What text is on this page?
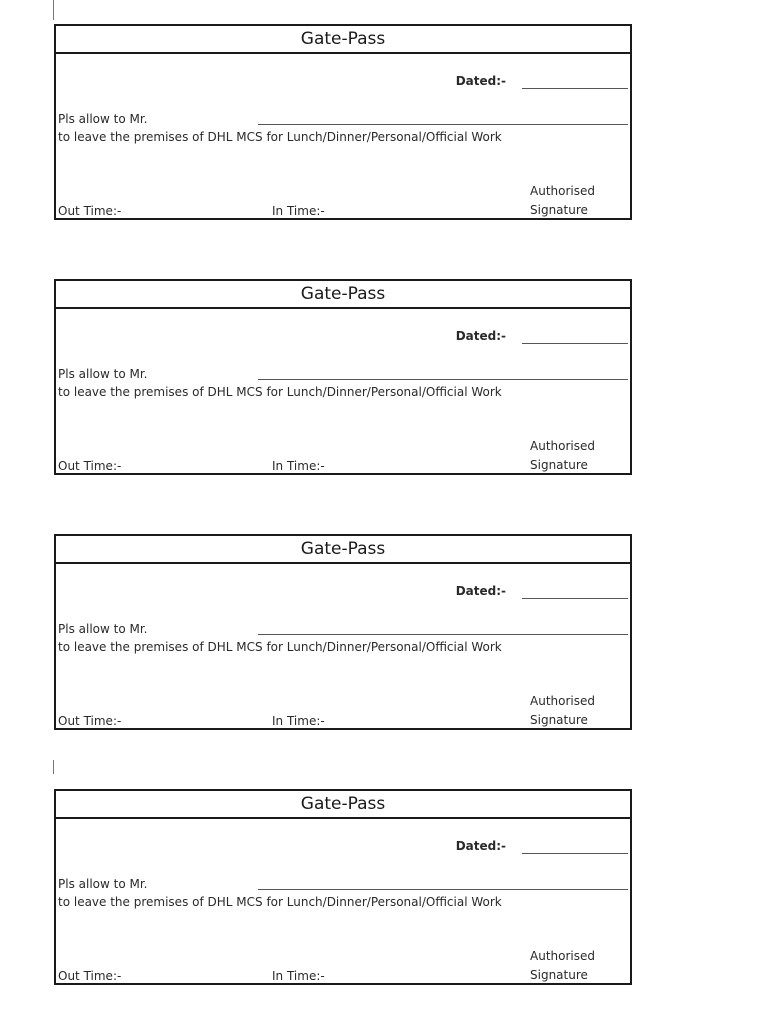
Gate-Pass
Dated:-
Pls allow to Mr.
to leave the premises of DHL MCS for Lunch/Dinner/Personal/Official Work
Authorised
Signature
Out Time:-	In Time:-
Gate-Pass
Dated:-
Pls allow to Mr.
to leave the premises of DHL MCS for Lunch/Dinner/Personal/Official Work
Authorised
Signature
Out Time:-	In Time:-
Gate-Pass
Dated:-
Pls allow to Mr.
to leave the premises of DHL MCS for Lunch/Dinner/Personal/Official Work
Authorised
Signature
Out Time:-	In Time:-
Gate-Pass
Dated:-
Pls allow to Mr.
to leave the premises of DHL MCS for Lunch/Dinner/Personal/Official Work
Authorised
Signature
Out Time:-	In Time:-
